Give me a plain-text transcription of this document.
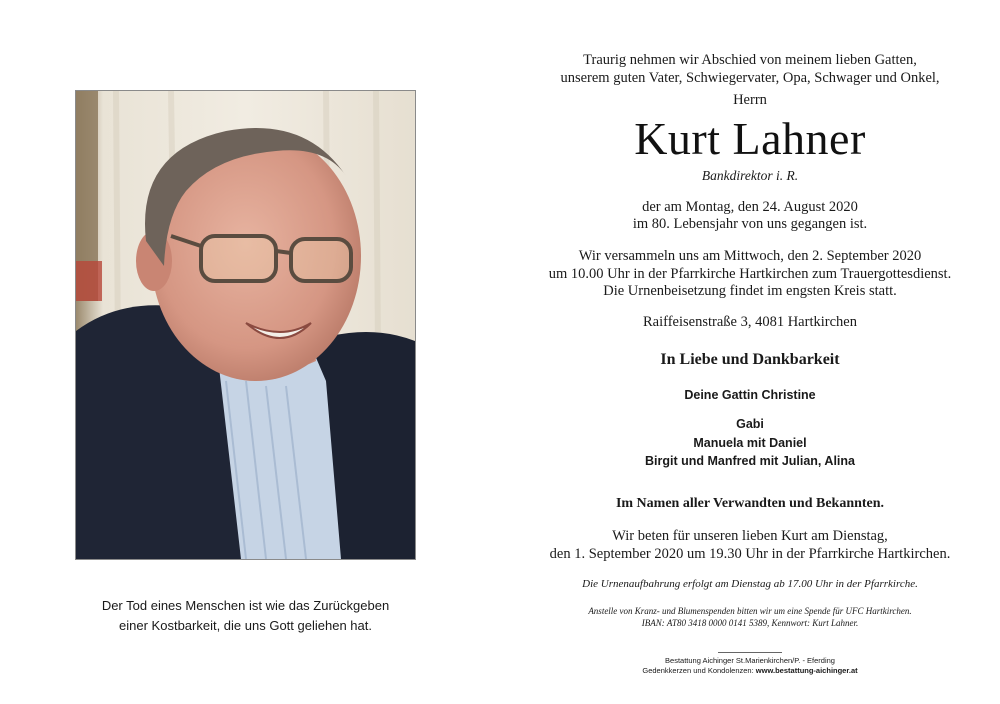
Der Tod eines Menschen ist wie das Zurückgeben
einer Kostbarkeit, die uns Gott geliehen hat.
Traurig nehmen wir Abschied von meinem lieben Gatten,
unserem guten Vater, Schwiegervater, Opa, Schwager und Onkel,
Herrn
Kurt Lahner
Bankdirektor i. R.
der am Montag, den 24. August 2020
im 80. Lebensjahr von uns gegangen ist.
Wir versammeln uns am Mittwoch, den 2. September 2020
um 10.00 Uhr in der Pfarrkirche Hartkirchen zum Trauergottesdienst.
Die Urnenbeisetzung findet im engsten Kreis statt.
Raiffeisenstraße 3, 4081 Hartkirchen
In Liebe und Dankbarkeit
Deine Gattin Christine
Gabi
Manuela mit Daniel
Birgit und Manfred mit Julian, Alina
Im Namen aller Verwandten und Bekannten.
Wir beten für unseren lieben Kurt am Dienstag,
den 1. September 2020 um 19.30 Uhr in der Pfarrkirche Hartkirchen.
Die Urnenaufbahrung erfolgt am Dienstag ab 17.00 Uhr in der Pfarrkirche.
Anstelle von Kranz- und Blumenspenden bitten wir um eine Spende für UFC Hartkirchen.
IBAN: AT80 3418 0000 0141 5389, Kennwort: Kurt Lahner.
Bestattung Aichinger St.Marienkirchen/P. - Eferding
Gedenkkerzen und Kondolenzen: www.bestattung-aichinger.at
